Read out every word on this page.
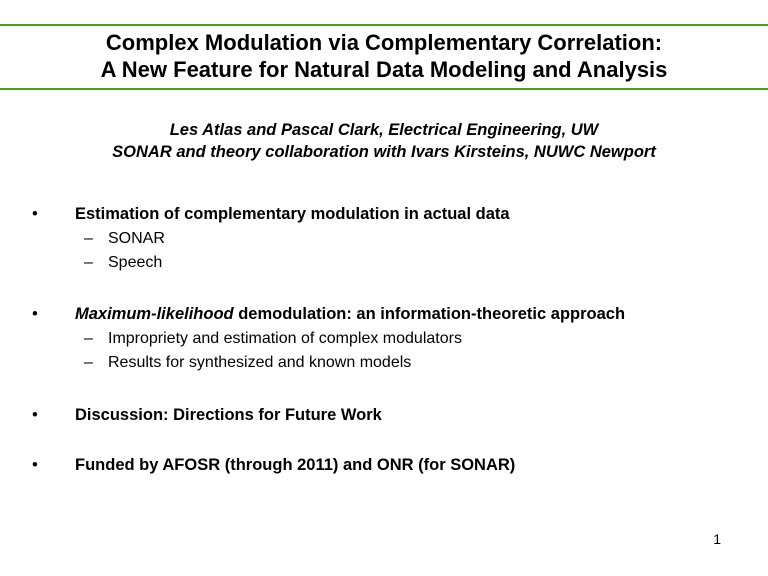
Complex Modulation via Complementary Correlation:
A New Feature for Natural Data Modeling and Analysis
Les Atlas and Pascal Clark, Electrical Engineering, UW
SONAR and theory collaboration with Ivars Kirsteins, NUWC Newport
•	Estimation of complementary modulation in actual data
– SONAR
– Speech
•	Maximum-likelihood demodulation: an information-theoretic approach
– Impropriety and estimation of complex modulators
– Results for synthesized and known models
•	Discussion: Directions for Future Work
•	Funded by AFOSR (through 2011) and ONR (for SONAR)
1
